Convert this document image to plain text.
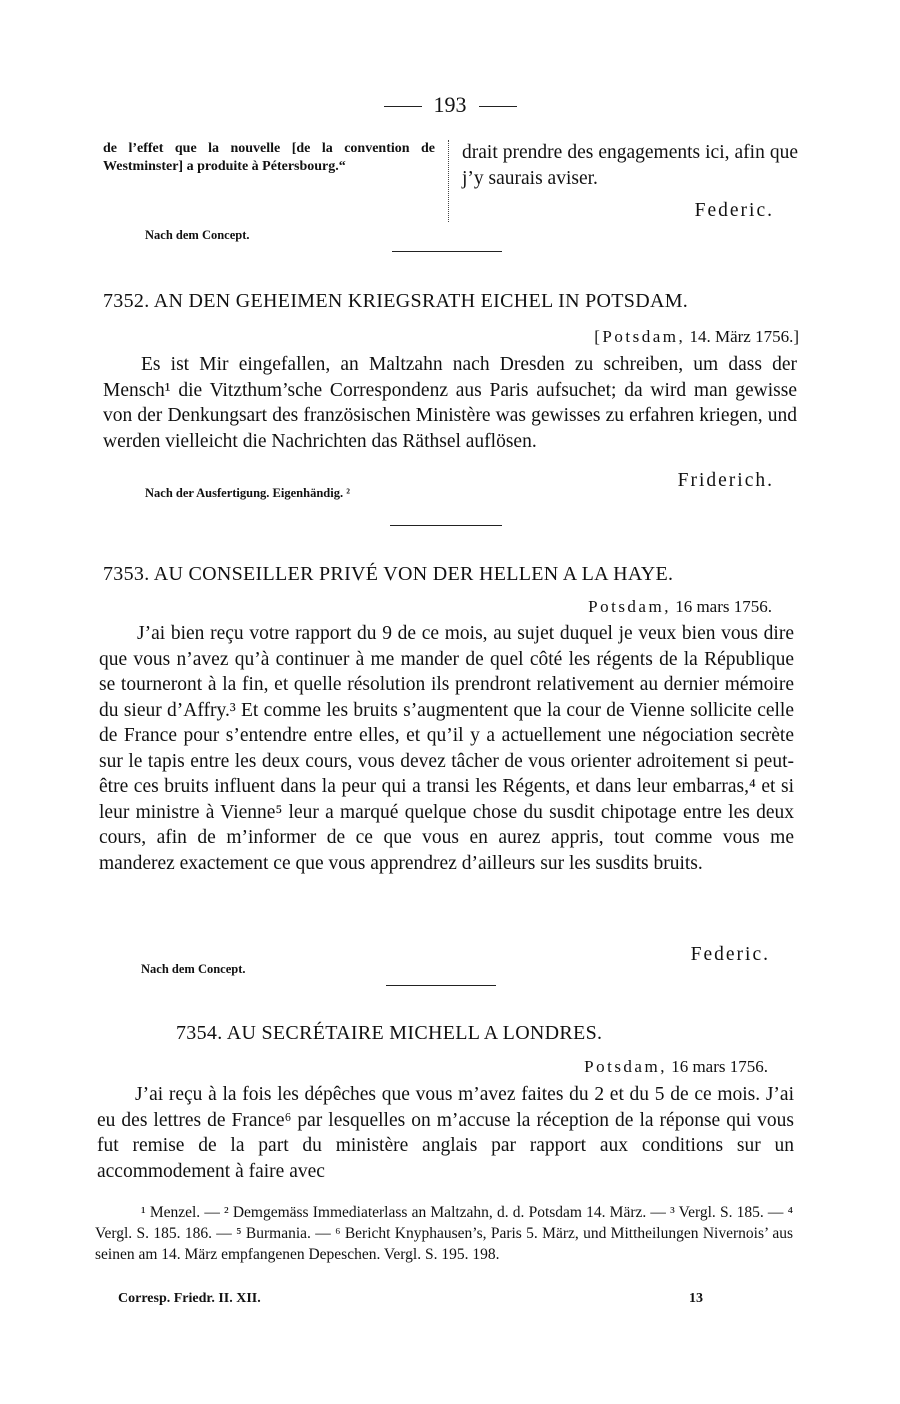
193
de l’effet que la nouvelle [de la convention de Westminster] a produite à Pétersbourg.“
drait prendre des engagements ici, afin que j’y saurais aviser.
Federic.
Nach dem Concept.
7352. AN DEN GEHEIMEN KRIEGSRATH EICHEL IN POTSDAM.
[Potsdam, 14. März 1756.]

Es ist Mir eingefallen, an Maltzahn nach Dresden zu schreiben, um dass der Mensch¹ die Vitzthum’sche Correspondenz aus Paris aufsuchet; da wird man gewisse von der Denkungsart des französischen Ministère was gewisses zu erfahren kriegen, und werden vielleicht die Nachrichten das Räthsel auflösen.

Friderich.
Nach der Ausfertigung. Eigenhändig. ²
7353. AU CONSEILLER PRIVÉ VON DER HELLEN A LA HAYE.
Potsdam, 16 mars 1756.

J’ai bien reçu votre rapport du 9 de ce mois, au sujet duquel je veux bien vous dire que vous n’avez qu’à continuer à me mander de quel côté les régents de la République se tourneront à la fin, et quelle résolution ils prendront relativement au dernier mémoire du sieur d’Affry.³ Et comme les bruits s’augmentent que la cour de Vienne sollicite celle de France pour s’entendre entre elles, et qu’il y a actuellement une négociation secrète sur le tapis entre les deux cours, vous devez tâcher de vous orienter adroitement si peut-être ces bruits influent dans la peur qui a transi les Régents, et dans leur embarras,⁴ et si leur ministre à Vienne⁵ leur a marqué quelque chose du susdit chipotage entre les deux cours, afin de m’informer de ce que vous en aurez appris, tout comme vous me manderez exactement ce que vous apprendrez d’ailleurs sur les susdits bruits.

Federic.
Nach dem Concept.
7354. AU SECRÉTAIRE MICHELL A LONDRES.
Potsdam, 16 mars 1756.

J’ai reçu à la fois les dépêches que vous m’avez faites du 2 et du 5 de ce mois. J’ai eu des lettres de France⁶ par lesquelles on m’accuse la réception de la réponse qui vous fut remise de la part du ministère anglais par rapport aux conditions sur un accommodement à faire avec

¹ Menzel. — ² Demgemäss Immediaterlass an Maltzahn, d. d. Potsdam 14. März. — ³ Vergl. S. 185. — ⁴ Vergl. S. 185. 186. — ⁵ Burmania. — ⁶ Bericht Knyphausen’s, Paris 5. März, und Mittheilungen Nivernois’ aus seinen am 14. März empfangenen Depeschen. Vergl. S. 195. 198.

Corresp. Friedr. II. XII.	13
